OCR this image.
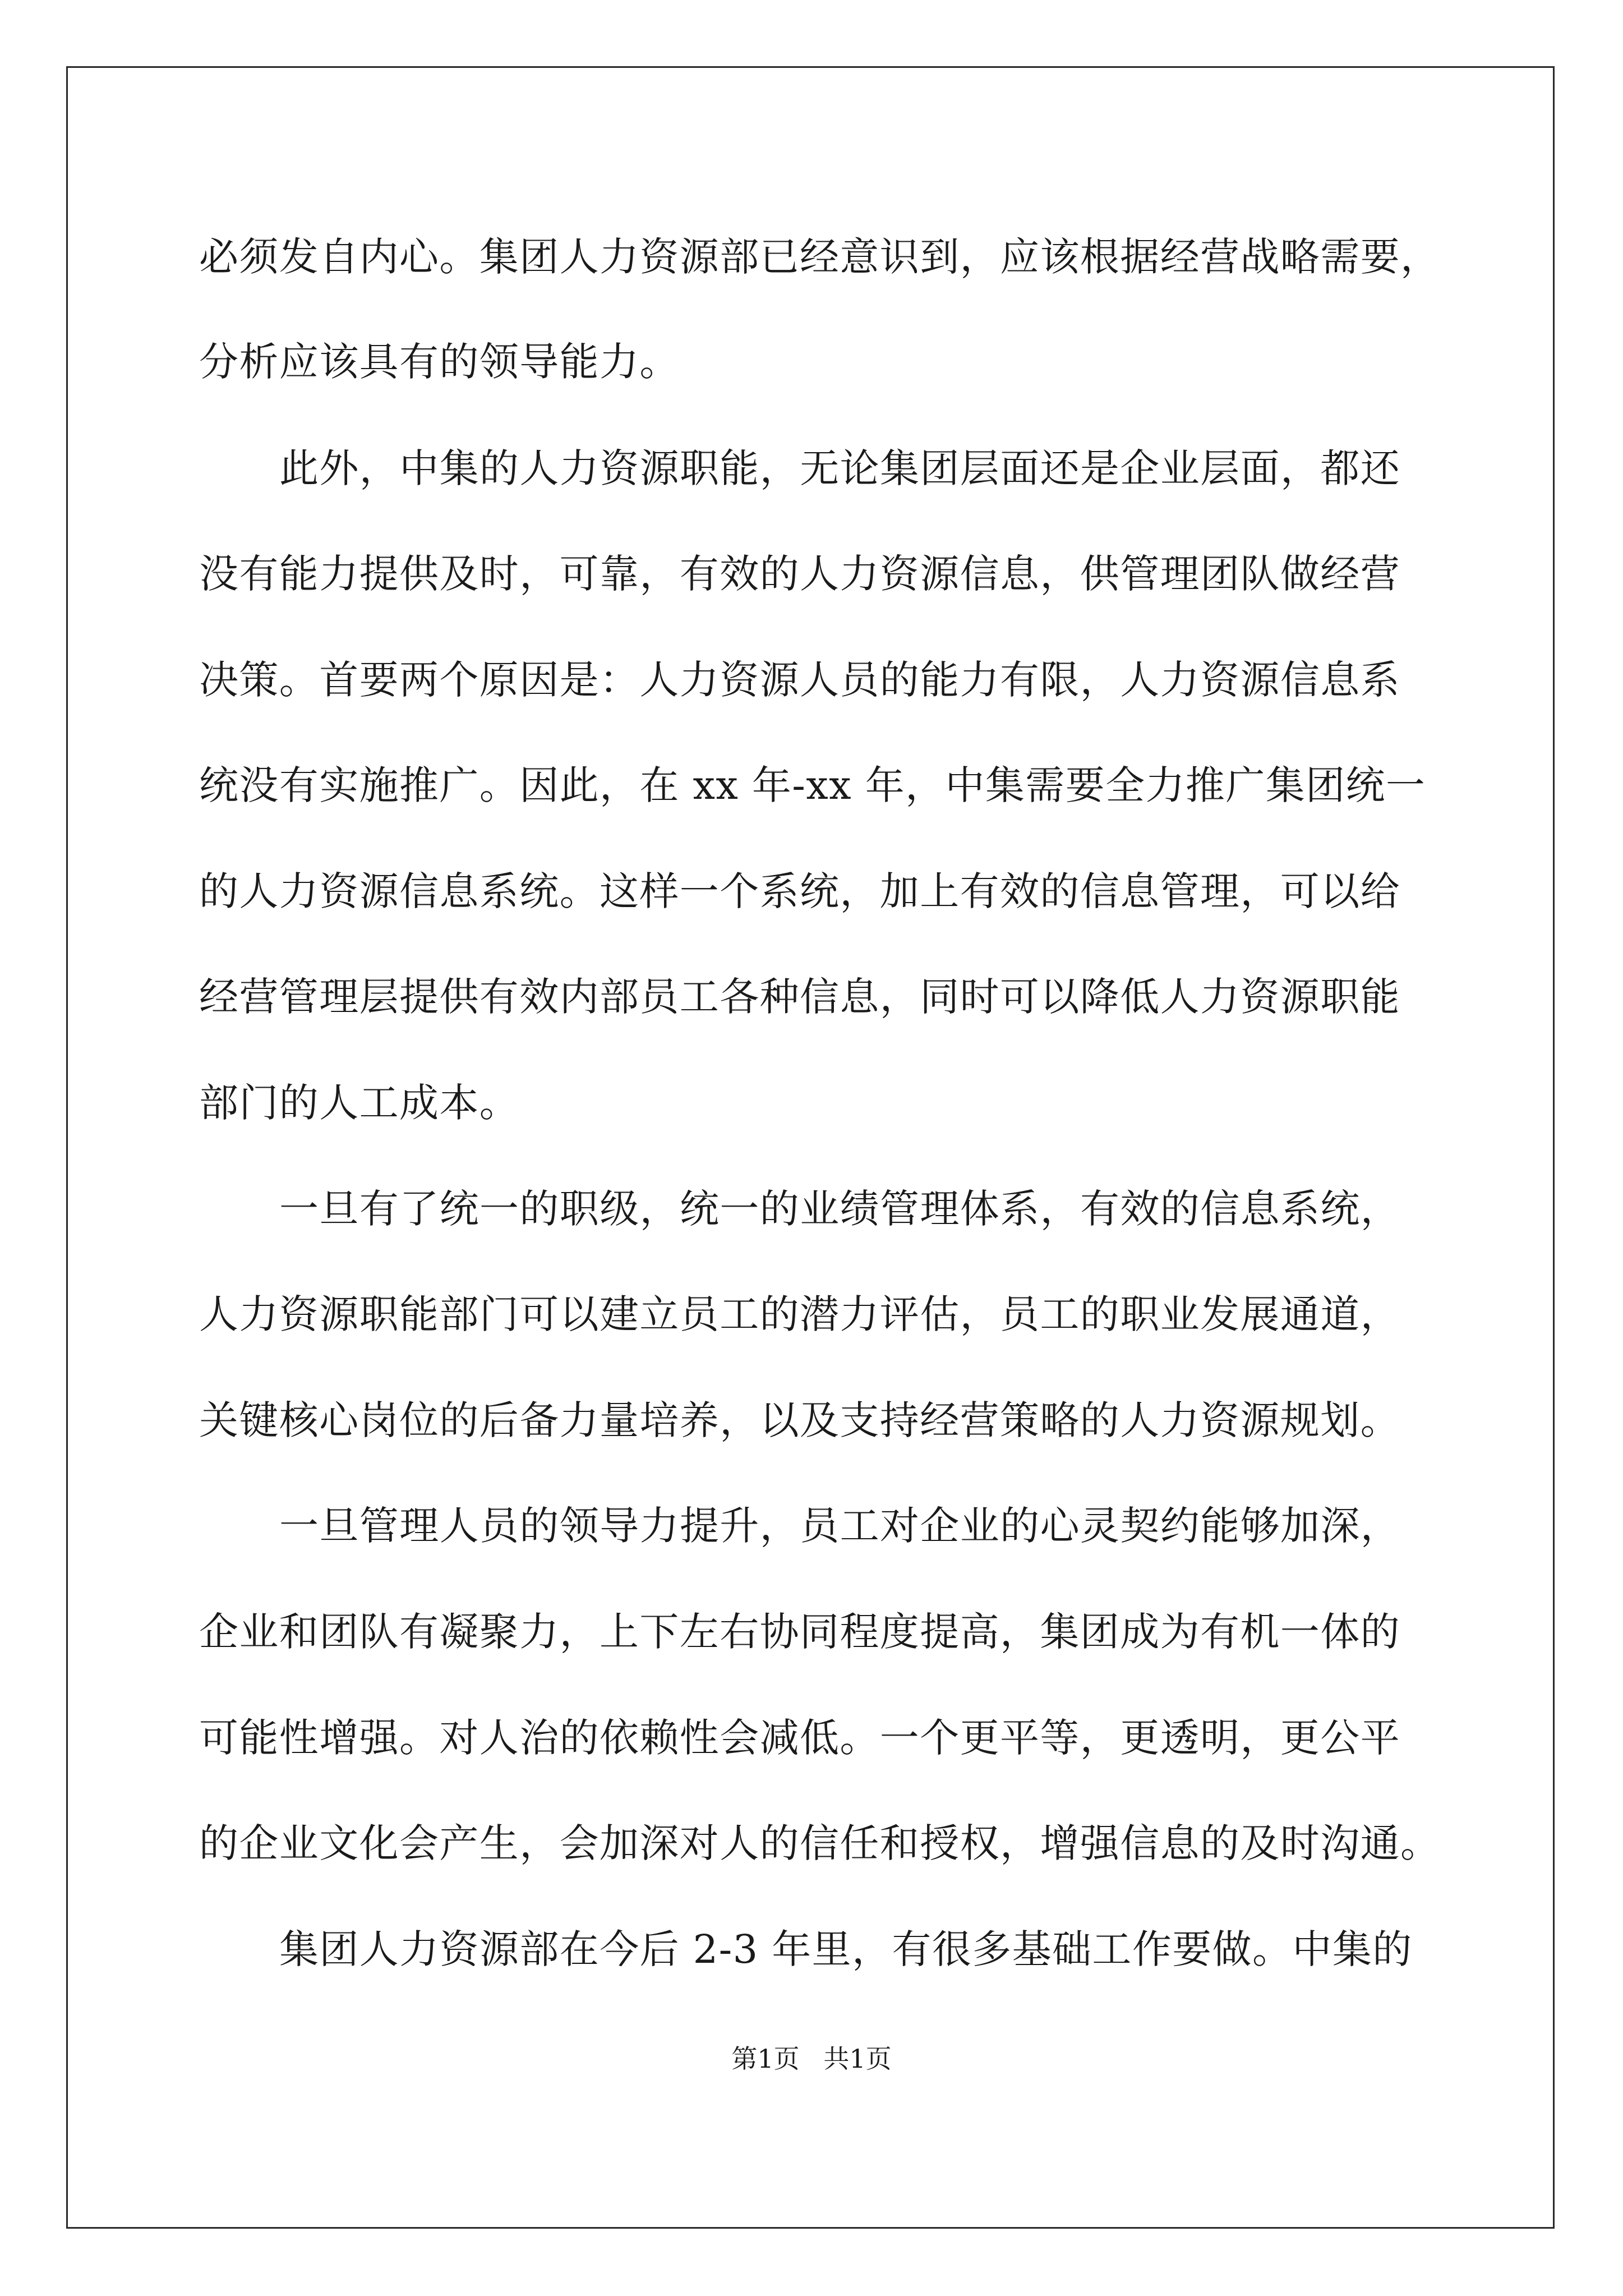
必须发自内心。集团人力资源部已经意识到，应该根据经营战略需要，
分析应该具有的领导能力。
此外，中集的人力资源职能，无论集团层面还是企业层面，都还
没有能力提供及时，可靠，有效的人力资源信息，供管理团队做经营
决策。首要两个原因是：人力资源人员的能力有限，人力资源信息系
统没有实施推广。因此，在 xx 年-xx 年，中集需要全力推广集团统一
的人力资源信息系统。这样一个系统，加上有效的信息管理，可以给
经营管理层提供有效内部员工各种信息，同时可以降低人力资源职能
部门的人工成本。
一旦有了统一的职级，统一的业绩管理体系，有效的信息系统，
人力资源职能部门可以建立员工的潜力评估，员工的职业发展通道，
关键核心岗位的后备力量培养，以及支持经营策略的人力资源规划。
一旦管理人员的领导力提升，员工对企业的心灵契约能够加深，
企业和团队有凝聚力，上下左右协同程度提高，集团成为有机一体的
可能性增强。对人治的依赖性会减低。一个更平等，更透明，更公平
的企业文化会产生，会加深对人的信任和授权，增强信息的及时沟通。
集团人力资源部在今后 2-3 年里，有很多基础工作要做。中集的
第1页 共1页
